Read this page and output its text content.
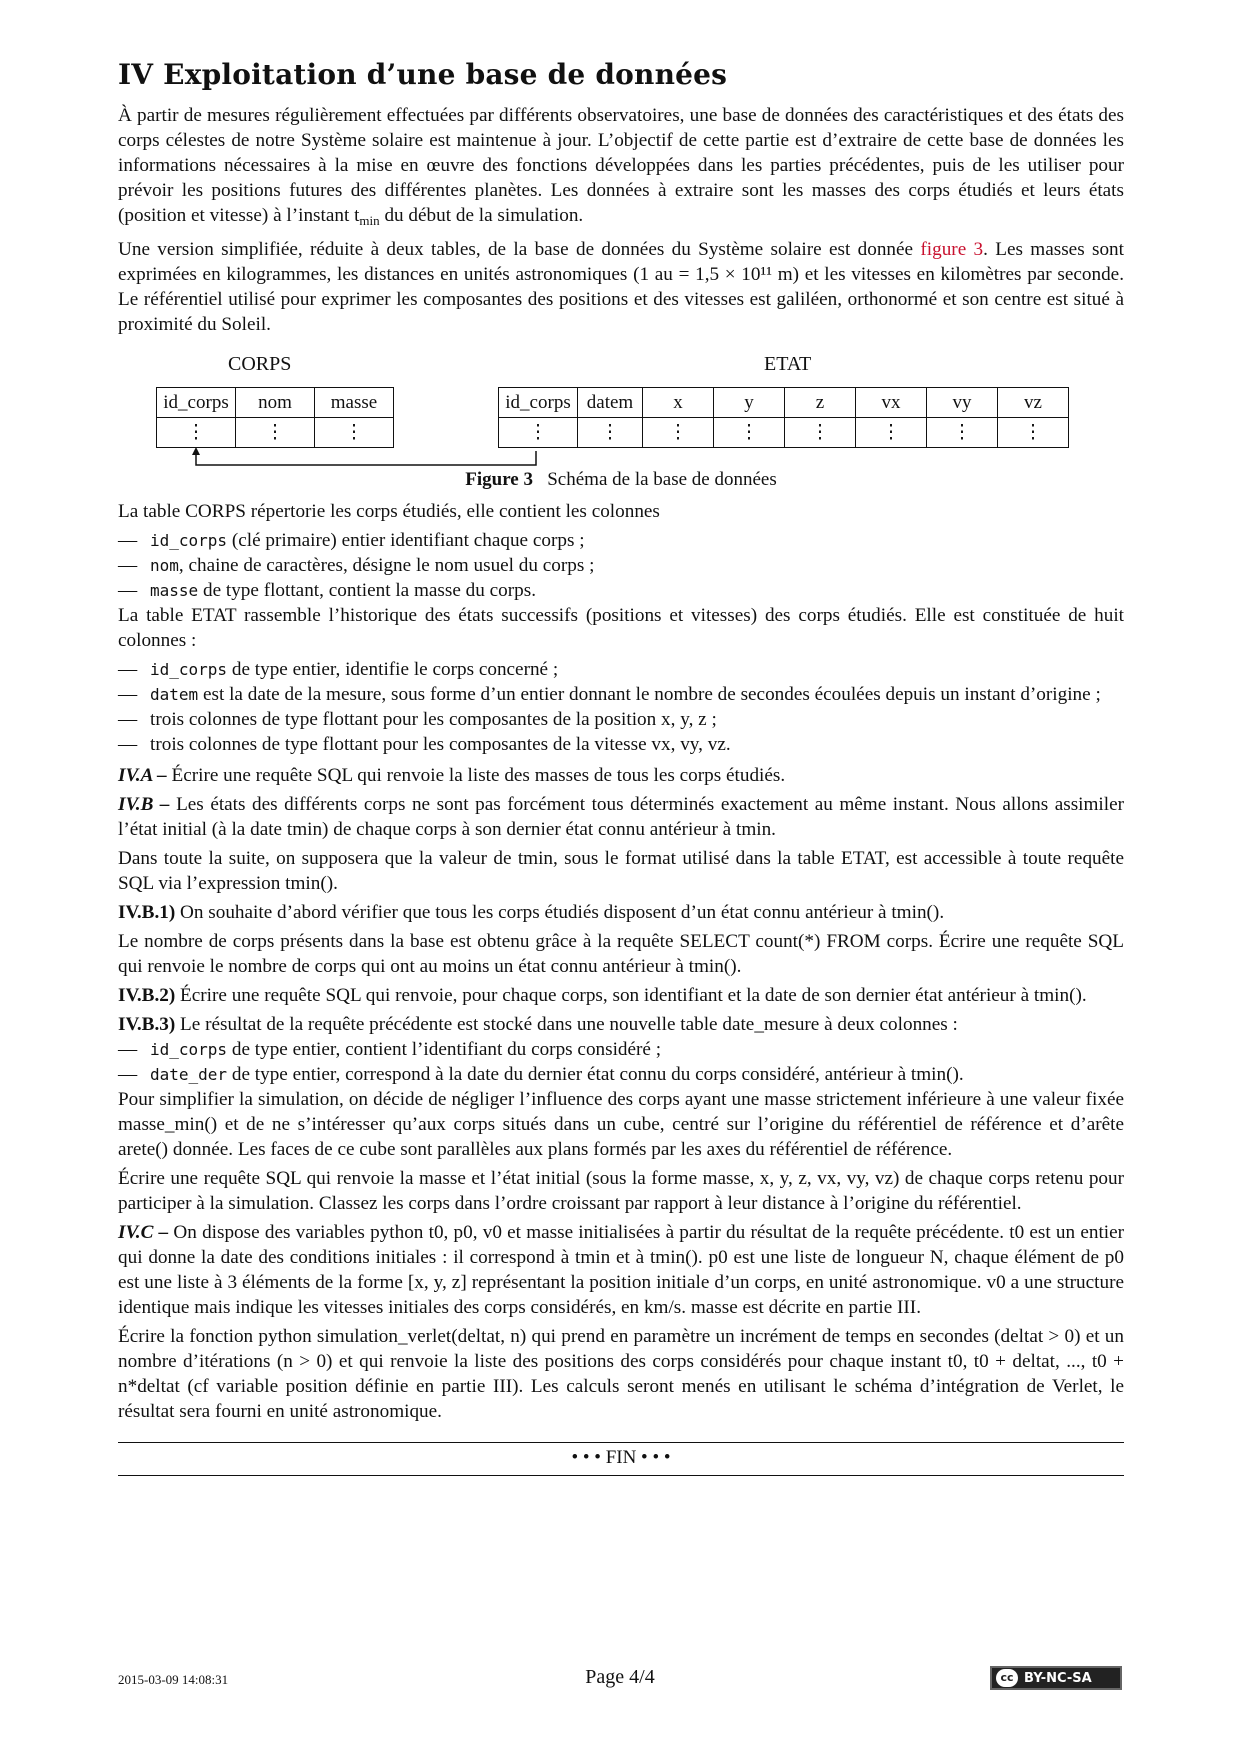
IV Exploitation d’une base de données

À partir de mesures régulièrement effectuées par différents observatoires, une base de données des caractéristiques et des états des corps célestes de notre Système solaire est maintenue à jour. L’objectif de cette partie est d’extraire de cette base de données les informations nécessaires à la mise en œuvre des fonctions développées dans les parties précédentes, puis de les utiliser pour prévoir les positions futures des différentes planètes. Les données à extraire sont les masses des corps étudiés et leurs états (position et vitesse) à l’instant $t_{min}$ du début de la simulation.

Une version simplifiée, réduite à deux tables, de la base de données du Système solaire est donnée figure 3. Les masses sont exprimées en kilogrammes, les distances en unités astronomiques (1 au = 1,5 × 10¹¹ m) et les vitesses en kilomètres par seconde. Le référentiel utilisé pour exprimer les composantes des positions et des vitesses est galiléen, orthonormé et son centre est situé à proximité du Soleil.

CORPS	ETAT
id_corps	nom	masse
⋮	⋮	⋮
id_corps	datem	x	y	z	vx	vy	vz
⋮	⋮	⋮	⋮	⋮	⋮	⋮	⋮
Figure 3 Schéma de la base de données

La table CORPS répertorie les corps étudiés, elle contient les colonnes

— id_corps (clé primaire) entier identifiant chaque corps ;
— nom, chaine de caractères, désigne le nom usuel du corps ;
— masse de type flottant, contient la masse du corps.

La table ETAT rassemble l’historique des états successifs (positions et vitesses) des corps étudiés. Elle est constituée de huit colonnes :

— id_corps de type entier, identifie le corps concerné ;
— datem est la date de la mesure, sous forme d’un entier donnant le nombre de secondes écoulées depuis un instant d’origine ;
— trois colonnes de type flottant pour les composantes de la position x, y, z ;
— trois colonnes de type flottant pour les composantes de la vitesse vx, vy, vz.

IV.A – Écrire une requête SQL qui renvoie la liste des masses de tous les corps étudiés.

IV.B – Les états des différents corps ne sont pas forcément tous déterminés exactement au même instant. Nous allons assimiler l’état initial (à la date tmin) de chaque corps à son dernier état connu antérieur à tmin.

Dans toute la suite, on supposera que la valeur de tmin, sous le format utilisé dans la table ETAT, est accessible à toute requête SQL via l’expression tmin().

IV.B.1) On souhaite d’abord vérifier que tous les corps étudiés disposent d’un état connu antérieur à tmin().

Le nombre de corps présents dans la base est obtenu grâce à la requête SELECT count(*) FROM corps. Écrire une requête SQL qui renvoie le nombre de corps qui ont au moins un état connu antérieur à tmin().

IV.B.2) Écrire une requête SQL qui renvoie, pour chaque corps, son identifiant et la date de son dernier état antérieur à tmin().

IV.B.3) Le résultat de la requête précédente est stocké dans une nouvelle table date_mesure à deux colonnes :

— id_corps de type entier, contient l’identifiant du corps considéré ;
— date_der de type entier, correspond à la date du dernier état connu du corps considéré, antérieur à tmin().

Pour simplifier la simulation, on décide de négliger l’influence des corps ayant une masse strictement inférieure à une valeur fixée masse_min() et de ne s’intéresser qu’aux corps situés dans un cube, centré sur l’origine du référentiel de référence et d’arête arete() donnée. Les faces de ce cube sont parallèles aux plans formés par les axes du référentiel de référence.

Écrire une requête SQL qui renvoie la masse et l’état initial (sous la forme masse, x, y, z, vx, vy, vz) de chaque corps retenu pour participer à la simulation. Classez les corps dans l’ordre croissant par rapport à leur distance à l’origine du référentiel.

IV.C – On dispose des variables python t0, p0, v0 et masse initialisées à partir du résultat de la requête précédente. t0 est un entier qui donne la date des conditions initiales : il correspond à tmin et à tmin(). p0 est une liste de longueur N, chaque élément de p0 est une liste à 3 éléments de la forme [x, y, z] représentant la position initiale d’un corps, en unité astronomique. v0 a une structure identique mais indique les vitesses initiales des corps considérés, en km/s. masse est décrite en partie III.

Écrire la fonction python simulation_verlet(deltat, n) qui prend en paramètre un incrément de temps en secondes (deltat > 0) et un nombre d’itérations (n > 0) et qui renvoie la liste des positions des corps considérés pour chaque instant t0, t0 + deltat, ..., t0 + n*deltat (cf variable position définie en partie III). Les calculs seront menés en utilisant le schéma d’intégration de Verlet, le résultat sera fourni en unité astronomique.

• • • FIN • • •
2015-03-09 14:08:31	Page 4/4	cc BY-NC-SA
